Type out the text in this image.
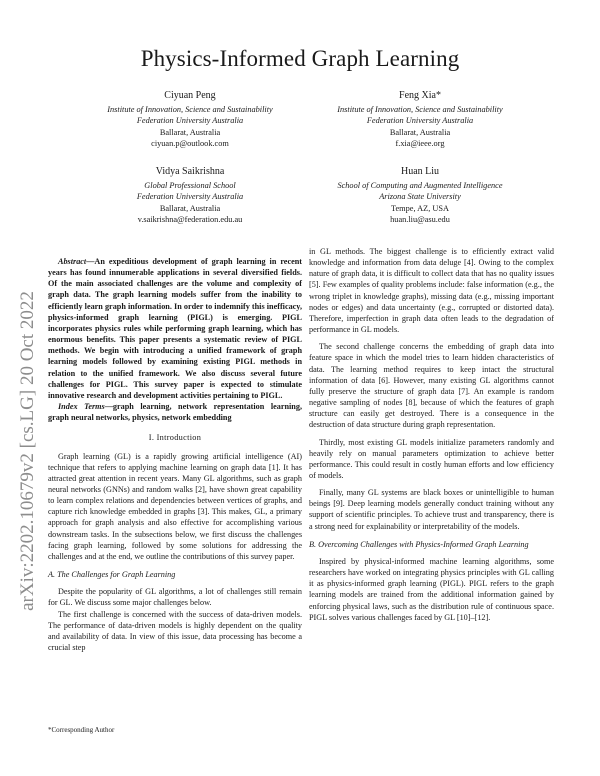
Physics-Informed Graph Learning
arXiv:2202.10679v2 [cs.LG] 20 Oct 2022
Ciyuan Peng
Institute of Innovation, Science and Sustainability
Federation University Australia
Ballarat, Australia
ciyuan.p@outlook.com
Feng Xia*
Institute of Innovation, Science and Sustainability
Federation University Australia
Ballarat, Australia
f.xia@ieee.org
Vidya Saikrishna
Global Professional School
Federation University Australia
Ballarat, Australia
v.saikrishna@federation.edu.au
Huan Liu
School of Computing and Augmented Intelligence
Arizona State University
Tempe, AZ, USA
huan.liu@asu.edu

Abstract—An expeditious development of graph learning in recent years has found innumerable applications in several diversified fields. Of the main associated challenges are the volume and complexity of graph data. The graph learning models suffer from the inability to efficiently learn graph information. In order to indemnify this inefficacy, physics-informed graph learning (PIGL) is emerging. PIGL incorporates physics rules while performing graph learning, which has enormous benefits. This paper presents a systematic review of PIGL methods. We begin with introducing a unified framework of graph learning models followed by examining existing PIGL methods in relation to the unified framework. We also discuss several future challenges for PIGL. This survey paper is expected to stimulate innovative research and development activities pertaining to PIGL.

Index Terms—graph learning, network representation learning, graph neural networks, physics, network embedding

I. Introduction

Graph learning (GL) is a rapidly growing artificial intelligence (AI) technique that refers to applying machine learning on graph data [1]. It has attracted great attention in recent years. Many GL algorithms, such as graph neural networks (GNNs) and random walks [2], have shown great capability to learn complex relations and dependencies between vertices of graphs, and capture rich knowledge embedded in graphs [3]. This makes, GL, a primary approach for graph analysis and also effective for accomplishing various downstream tasks. In the subsections below, we first discuss the challenges facing graph learning, followed by some solutions for addressing the challenges and at the end, we outline the contributions of this survey paper.

A. The Challenges for Graph Learning

Despite the popularity of GL algorithms, a lot of challenges still remain for GL. We discuss some major challenges below.

The first challenge is concerned with the success of data-driven models. The performance of data-driven models is highly dependent on the quality and availability of data. In view of this issue, data processing has become a crucial step

*Corresponding Author

in GL methods. The biggest challenge is to efficiently extract valid knowledge and information from data deluge [4]. Owing to the complex nature of graph data, it is difficult to collect data that has no quality issues [5]. Few examples of quality problems include: false information (e.g., the wrong triplet in knowledge graphs), missing data (e.g., missing important nodes or edges) and data uncertainty (e.g., corrupted or distorted data). Therefore, imperfection in graph data often leads to the degradation of performance in GL models.

The second challenge concerns the embedding of graph data into feature space in which the model tries to learn hidden characteristics of data. The learning method requires to keep intact the structural information of data [6]. However, many existing GL algorithms cannot fully preserve the structure of graph data [7]. An example is random negative sampling of nodes [8], because of which the features of graph structure can easily get destroyed. There is a consequence in the destruction of data structure during graph representation.

Thirdly, most existing GL models initialize parameters randomly and heavily rely on manual parameters optimization to achieve better performance. This could result in costly human efforts and low efficiency of models.

Finally, many GL systems are black boxes or unintelligible to human beings [9]. Deep learning models generally conduct training without any support of scientific principles. To achieve trust and transparency, there is a strong need for explainability or interpretability of the models.

B. Overcoming Challenges with Physics-Informed Graph Learning

Inspired by physical-informed machine learning algorithms, some researchers have worked on integrating physics principles with GL calling it as physics-informed graph learning (PIGL). PIGL refers to the graph learning models are trained from the additional information gained by enforcing physical laws, such as the distribution rule of continuous space. PIGL solves various challenges faced by GL [10]–[12].
